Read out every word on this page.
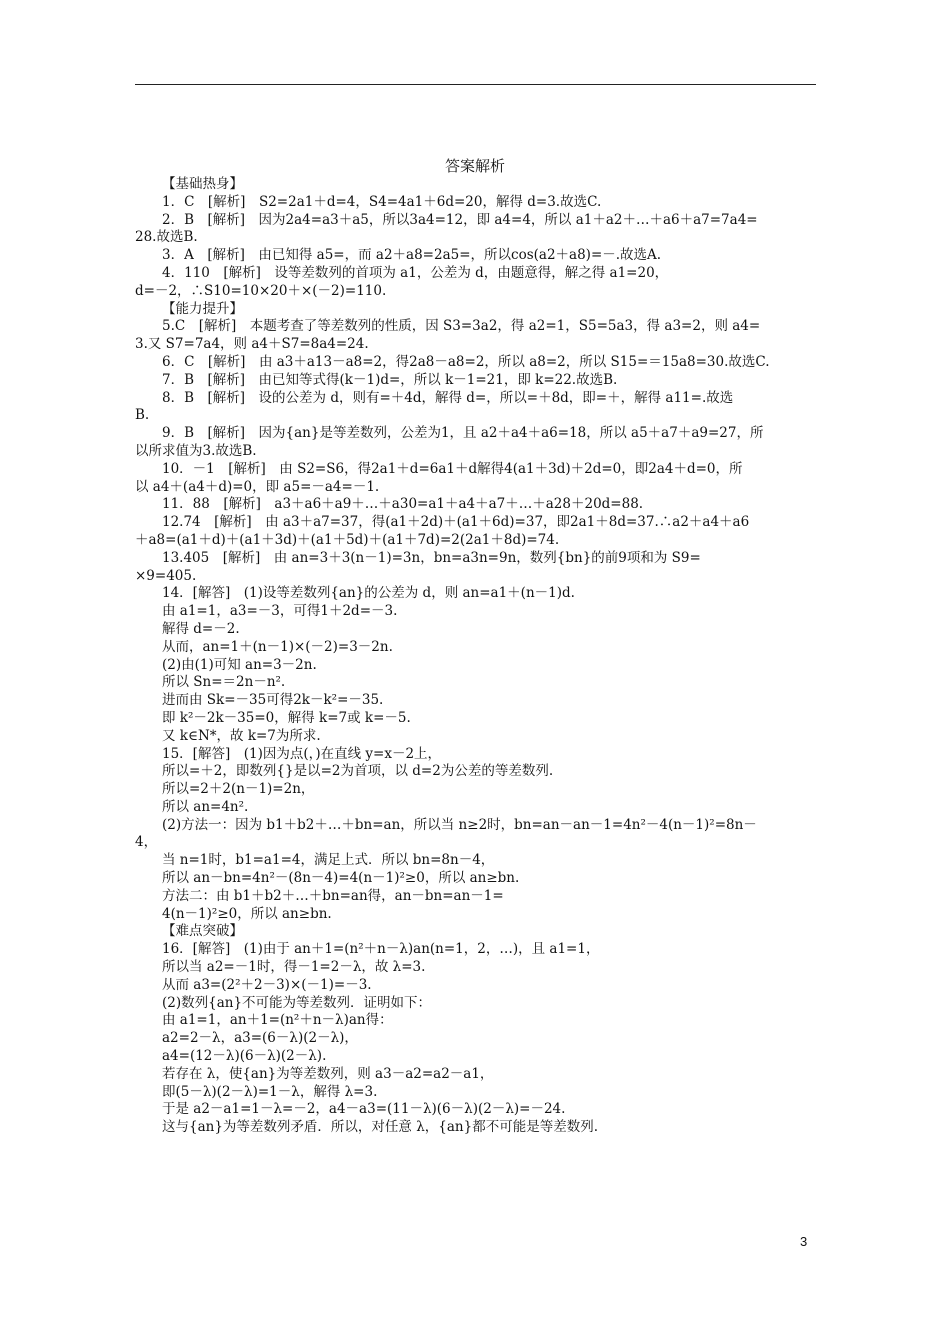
答案解析
【基础热身】
1．C　[解析]　S2=2a1＋d=4，S4=4a1＋6d=20，解得 d=3.故选C.
2．B　[解析]　因为2a4=a3＋a5，所以3a4=12，即 a4=4，所以 a1＋a2＋…＋a6＋a7=7a4=
28.故选B.
3．A　[解析]　由已知得 a5=，而 a2＋a8=2a5=，所以cos(a2＋a8)=－.故选A.
4．110　[解析]　设等差数列的首项为 a1，公差为 d，由题意得，解之得 a1=20，
d=－2，∴S10=10×20＋×(－2)=110.
【能力提升】
5.C　[解析]　本题考查了等差数列的性质，因 S3=3a2，得 a2=1，S5=5a3，得 a3=2，则 a4=
3.又 S7=7a4，则 a4＋S7=8a4=24.
6．C　[解析]　由 a3＋a13－a8=2，得2a8－a8=2，所以 a8=2，所以 S15=＝15a8=30.故选C.
7．B　[解析]　由已知等式得(k－1)d=，所以 k－1=21，即 k=22.故选B.
8．B　[解析]　设的公差为 d，则有=＋4d，解得 d=，所以=＋8d，即=＋，解得 a11=.故选
B.
9．B　[解析]　因为{an}是等差数列，公差为1，且 a2＋a4＋a6=18，所以 a5＋a7＋a9=27，所
以所求值为3.故选B.
10．－1　[解析]　由 S2=S6，得2a1＋d=6a1＋d解得4(a1＋3d)＋2d=0，即2a4＋d=0，所
以 a4＋(a4＋d)=0，即 a5=－a4=－1.
11．88　[解析]　a3＋a6＋a9＋…＋a30=a1＋a4＋a7＋…＋a28＋20d=88.
12.74　[解析]　由 a3＋a7=37，得(a1＋2d)＋(a1＋6d)=37，即2a1＋8d=37.∴a2＋a4＋a6
＋a8=(a1＋d)＋(a1＋3d)＋(a1＋5d)＋(a1＋7d)=2(2a1＋8d)=74.
13.405　[解析]　由 an=3＋3(n－1)=3n，bn=a3n=9n，数列{bn}的前9项和为 S9=
×9=405.
14．[解答]　(1)设等差数列{an}的公差为 d，则 an=a1＋(n－1)d.
由 a1=1，a3=－3，可得1＋2d=－3.
解得 d=－2.
从而，an=1＋(n－1)×(－2)=3－2n.
(2)由(1)可知 an=3－2n.
所以 Sn=＝2n－n².
进而由 Sk=－35可得2k－k²=－35.
即 k²－2k－35=0，解得 k=7或 k=－5.
又 k∈N*，故 k=7为所求.
15．[解答]　(1)因为点(，)在直线 y=x－2上，
所以=＋2，即数列{}是以=2为首项，以 d=2为公差的等差数列.
所以=2＋2(n－1)=2n，
所以 an=4n².
(2)方法一：因为 b1＋b2＋…＋bn=an，所以当 n≥2时，bn=an－an－1=4n²－4(n－1)²=8n－
4，
当 n=1时，b1=a1=4，满足上式．所以 bn=8n－4，
所以 an－bn=4n²－(8n－4)=4(n－1)²≥0，所以 an≥bn.
方法二：由 b1＋b2＋…＋bn=an得，an－bn=an－1=
4(n－1)²≥0，所以 an≥bn.
【难点突破】
16．[解答]　(1)由于 an＋1=(n²＋n－λ)an(n=1，2，…)，且 a1=1，
所以当 a2=－1时，得－1=2－λ，故 λ=3.
从而 a3=(2²＋2－3)×(－1)=－3.
(2)数列{an}不可能为等差数列．证明如下：
由 a1=1，an＋1=(n²＋n－λ)an得：
a2=2－λ，a3=(6－λ)(2－λ)，
a4=(12－λ)(6－λ)(2－λ).
若存在 λ，使{an}为等差数列，则 a3－a2=a2－a1，
即(5－λ)(2－λ)=1－λ，解得 λ=3.
于是 a2－a1=1－λ=－2，a4－a3=(11－λ)(6－λ)(2－λ)=－24.
这与{an}为等差数列矛盾．所以，对任意 λ，{an}都不可能是等差数列.
3
